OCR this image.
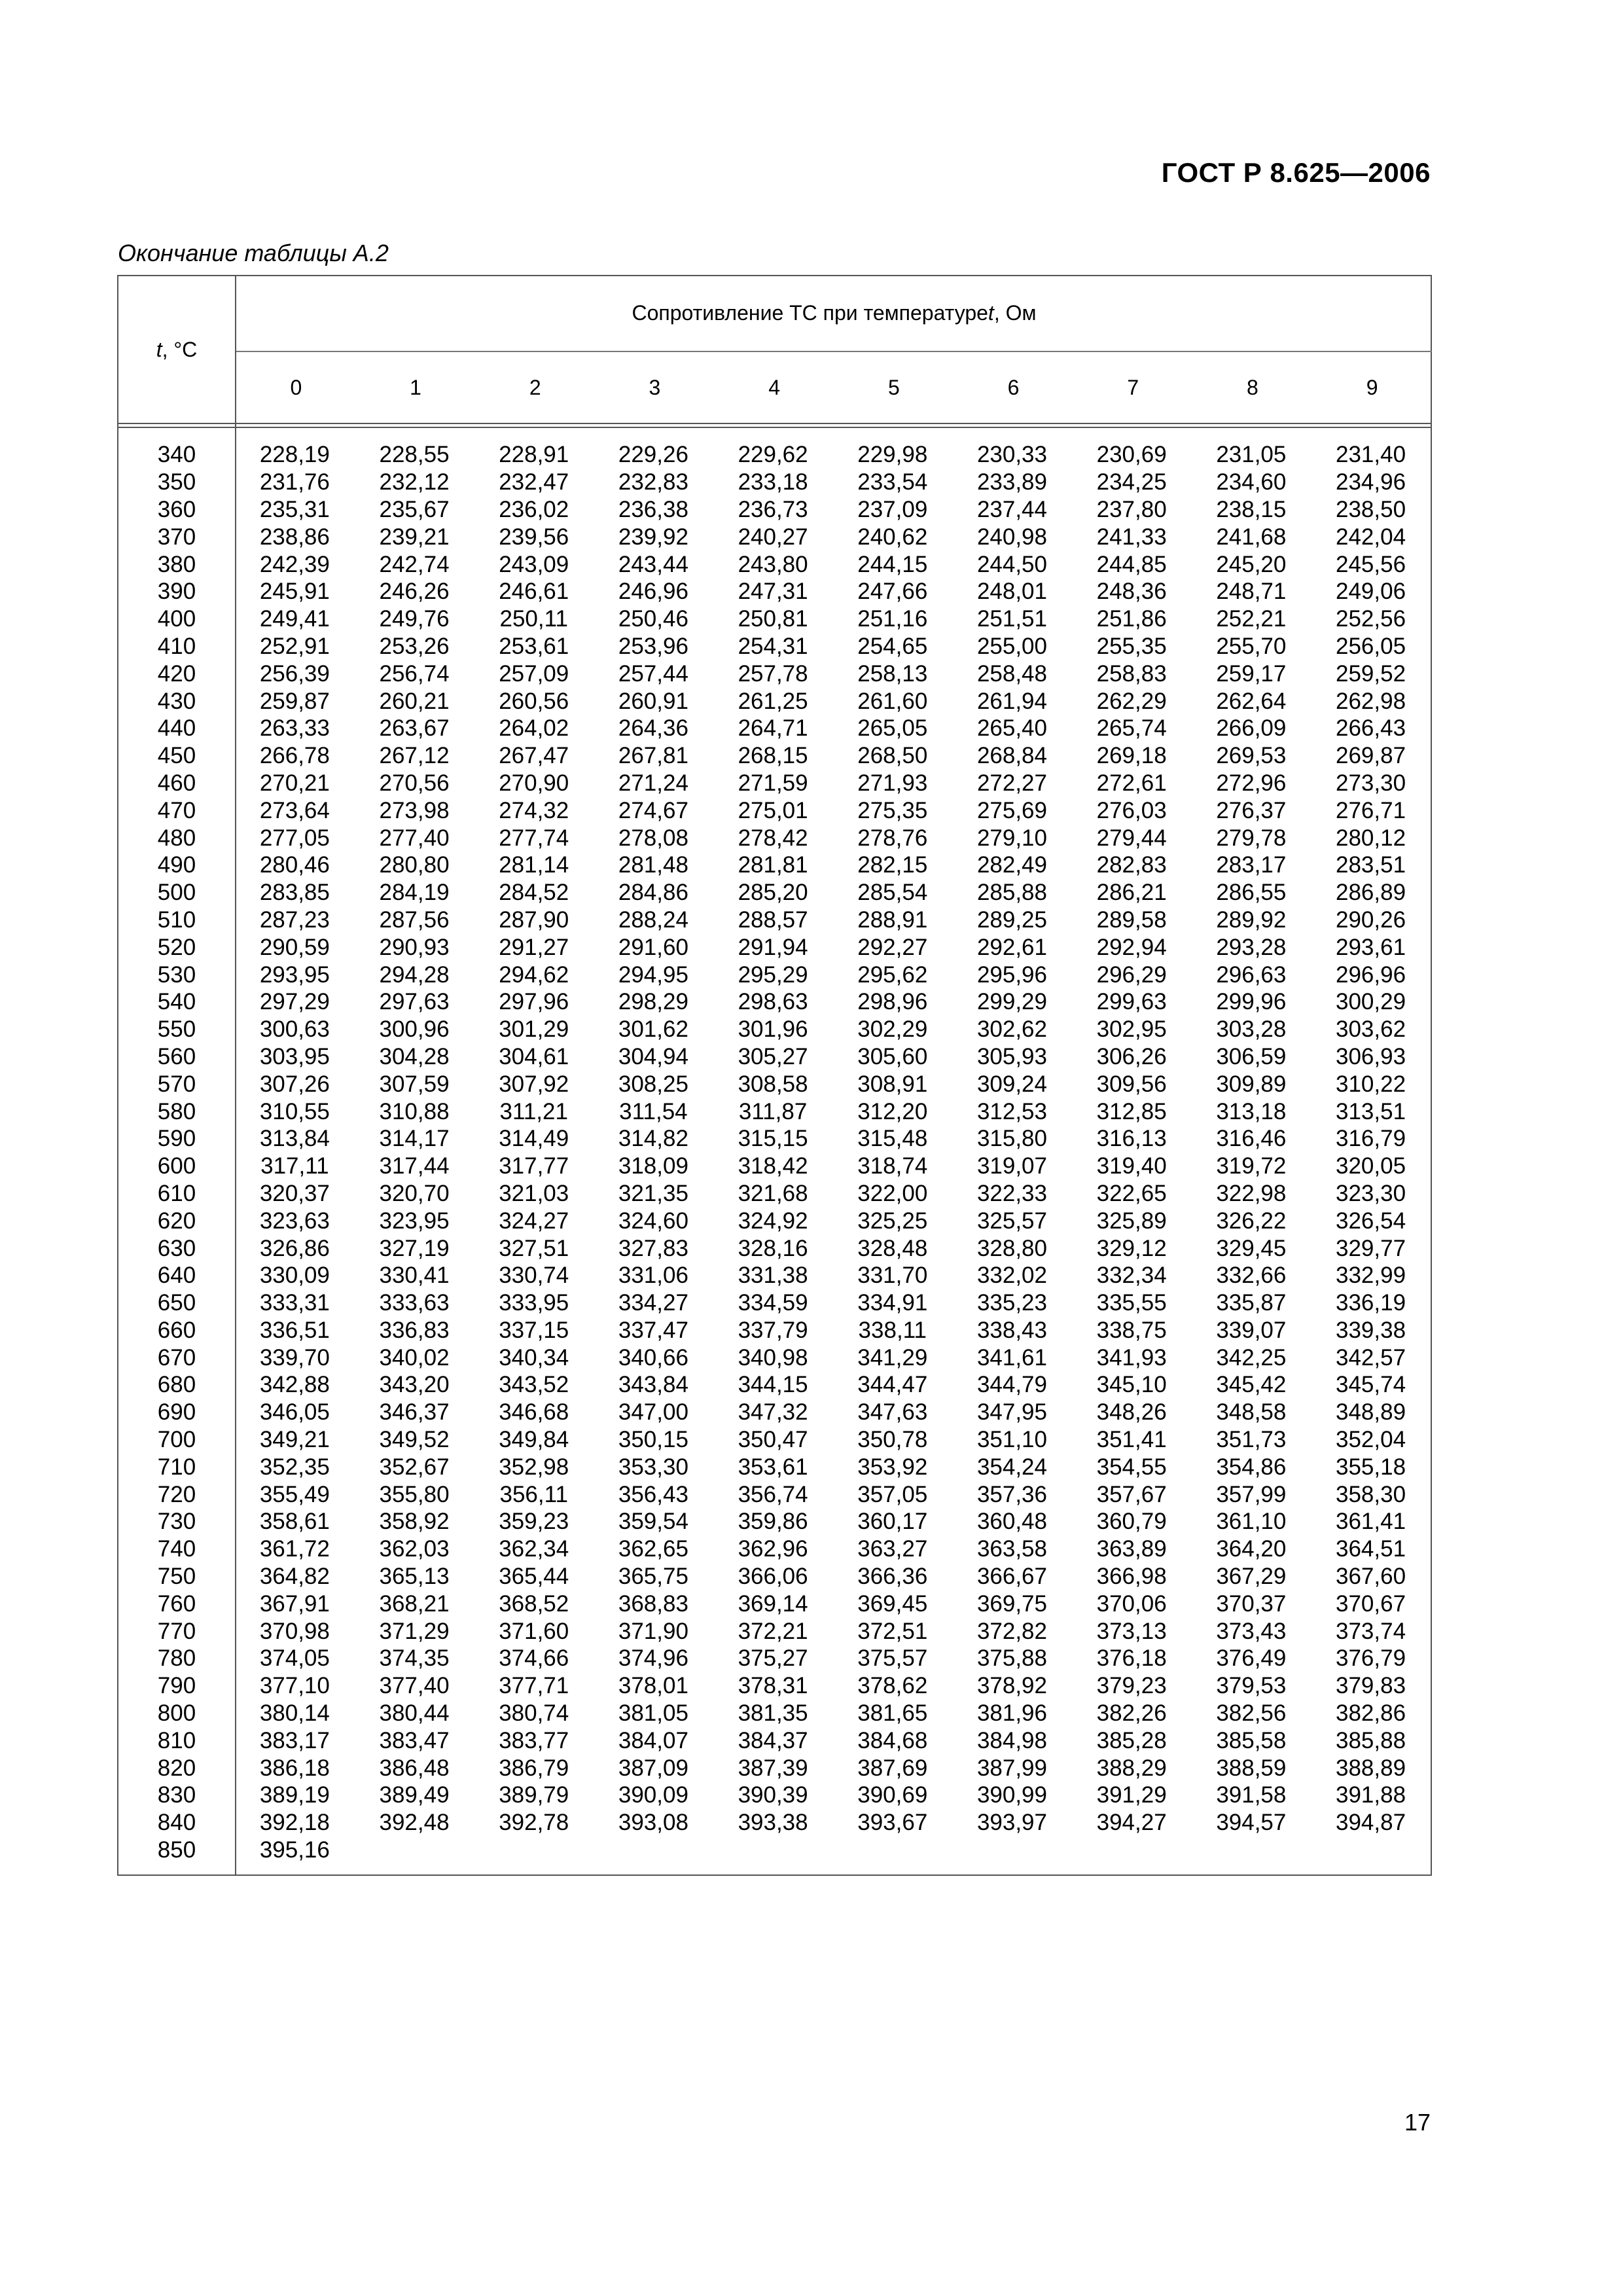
ГОСТ Р 8.625—2006
Окончание таблицы А.2
t , °С
Сопротивление ТС при температуре t , Ом
0	1	2	3	4	5	6	7	8	9
340	228,19	228,55	228,91	229,26	229,62	229,98	230,33	230,69	231,05	231,40
350	231,76	232,12	232,47	232,83	233,18	233,54	233,89	234,25	234,60	234,96
360	235,31	235,67	236,02	236,38	236,73	237,09	237,44	237,80	238,15	238,50
370	238,86	239,21	239,56	239,92	240,27	240,62	240,98	241,33	241,68	242,04
380	242,39	242,74	243,09	243,44	243,80	244,15	244,50	244,85	245,20	245,56
390	245,91	246,26	246,61	246,96	247,31	247,66	248,01	248,36	248,71	249,06
400	249,41	249,76	250,11	250,46	250,81	251,16	251,51	251,86	252,21	252,56
410	252,91	253,26	253,61	253,96	254,31	254,65	255,00	255,35	255,70	256,05
420	256,39	256,74	257,09	257,44	257,78	258,13	258,48	258,83	259,17	259,52
430	259,87	260,21	260,56	260,91	261,25	261,60	261,94	262,29	262,64	262,98
440	263,33	263,67	264,02	264,36	264,71	265,05	265,40	265,74	266,09	266,43
450	266,78	267,12	267,47	267,81	268,15	268,50	268,84	269,18	269,53	269,87
460	270,21	270,56	270,90	271,24	271,59	271,93	272,27	272,61	272,96	273,30
470	273,64	273,98	274,32	274,67	275,01	275,35	275,69	276,03	276,37	276,71
480	277,05	277,40	277,74	278,08	278,42	278,76	279,10	279,44	279,78	280,12
490	280,46	280,80	281,14	281,48	281,81	282,15	282,49	282,83	283,17	283,51
500	283,85	284,19	284,52	284,86	285,20	285,54	285,88	286,21	286,55	286,89
510	287,23	287,56	287,90	288,24	288,57	288,91	289,25	289,58	289,92	290,26
520	290,59	290,93	291,27	291,60	291,94	292,27	292,61	292,94	293,28	293,61
530	293,95	294,28	294,62	294,95	295,29	295,62	295,96	296,29	296,63	296,96
540	297,29	297,63	297,96	298,29	298,63	298,96	299,29	299,63	299,96	300,29
550	300,63	300,96	301,29	301,62	301,96	302,29	302,62	302,95	303,28	303,62
560	303,95	304,28	304,61	304,94	305,27	305,60	305,93	306,26	306,59	306,93
570	307,26	307,59	307,92	308,25	308,58	308,91	309,24	309,56	309,89	310,22
580	310,55	310,88	311,21	311,54	311,87	312,20	312,53	312,85	313,18	313,51
590	313,84	314,17	314,49	314,82	315,15	315,48	315,80	316,13	316,46	316,79
600	317,11	317,44	317,77	318,09	318,42	318,74	319,07	319,40	319,72	320,05
610	320,37	320,70	321,03	321,35	321,68	322,00	322,33	322,65	322,98	323,30
620	323,63	323,95	324,27	324,60	324,92	325,25	325,57	325,89	326,22	326,54
630	326,86	327,19	327,51	327,83	328,16	328,48	328,80	329,12	329,45	329,77
640	330,09	330,41	330,74	331,06	331,38	331,70	332,02	332,34	332,66	332,99
650	333,31	333,63	333,95	334,27	334,59	334,91	335,23	335,55	335,87	336,19
660	336,51	336,83	337,15	337,47	337,79	338,11	338,43	338,75	339,07	339,38
670	339,70	340,02	340,34	340,66	340,98	341,29	341,61	341,93	342,25	342,57
680	342,88	343,20	343,52	343,84	344,15	344,47	344,79	345,10	345,42	345,74
690	346,05	346,37	346,68	347,00	347,32	347,63	347,95	348,26	348,58	348,89
700	349,21	349,52	349,84	350,15	350,47	350,78	351,10	351,41	351,73	352,04
710	352,35	352,67	352,98	353,30	353,61	353,92	354,24	354,55	354,86	355,18
720	355,49	355,80	356,11	356,43	356,74	357,05	357,36	357,67	357,99	358,30
730	358,61	358,92	359,23	359,54	359,86	360,17	360,48	360,79	361,10	361,41
740	361,72	362,03	362,34	362,65	362,96	363,27	363,58	363,89	364,20	364,51
750	364,82	365,13	365,44	365,75	366,06	366,36	366,67	366,98	367,29	367,60
760	367,91	368,21	368,52	368,83	369,14	369,45	369,75	370,06	370,37	370,67
770	370,98	371,29	371,60	371,90	372,21	372,51	372,82	373,13	373,43	373,74
780	374,05	374,35	374,66	374,96	375,27	375,57	375,88	376,18	376,49	376,79
790	377,10	377,40	377,71	378,01	378,31	378,62	378,92	379,23	379,53	379,83
800	380,14	380,44	380,74	381,05	381,35	381,65	381,96	382,26	382,56	382,86
810	383,17	383,47	383,77	384,07	384,37	384,68	384,98	385,28	385,58	385,88
820	386,18	386,48	386,79	387,09	387,39	387,69	387,99	388,29	388,59	388,89
830	389,19	389,49	389,79	390,09	390,39	390,69	390,99	391,29	391,58	391,88
840	392,18	392,48	392,78	393,08	393,38	393,67	393,97	394,27	394,57	394,87
850	395,16
17
